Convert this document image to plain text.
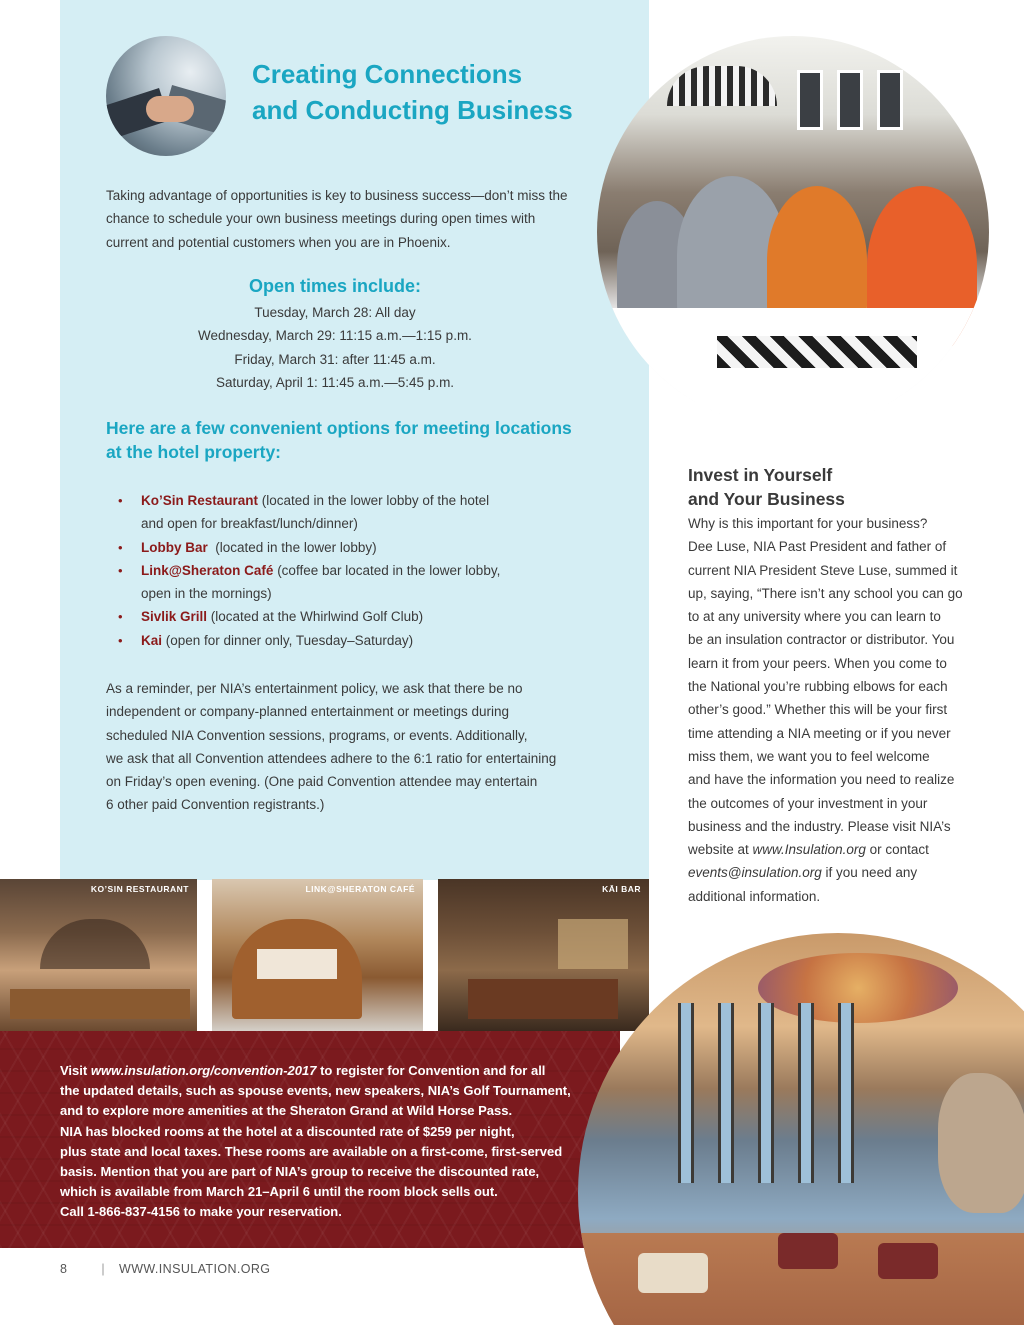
Creating Connections
and Conducting Business

Taking advantage of opportunities is key to business success—don’t miss the
chance to schedule your own business meetings during open times with
current and potential customers when you are in Phoenix.

Open times include:
Tuesday, March 28: All day
Wednesday, March 29: 11:15 a.m.—1:15 p.m.
Friday, March 31: after 11:45 a.m.
Saturday, April 1: 11:45 a.m.—5:45 p.m.
Here are a few convenient options for meeting locations
at the hotel property:
• Ko’Sin Restaurant (located in the lower lobby of the hotel
and open for breakfast/lunch/dinner)
• Lobby Bar  (located in the lower lobby)
• Link@Sheraton Café (coffee bar located in the lower lobby,
open in the mornings)
• Sivlik Grill (located at the Whirlwind Golf Club)
• Kai (open for dinner only, Tuesday–Saturday)

As a reminder, per NIA’s entertainment policy, we ask that there be no
independent or company-planned entertainment or meetings during
scheduled NIA Convention sessions, programs, or events. Additionally,
we ask that all Convention attendees adhere to the 6:1 ratio for entertaining
on Friday’s open evening. (One paid Convention attendee may entertain
6 other paid Convention registrants.)

Invest in Yourself
and Your Business

Why is this important for your business?
Dee Luse, NIA Past President and father of
current NIA President Steve Luse, summed it
up, saying, “There isn’t any school you can go
to at any university where you can learn to
be an insulation contractor or distributor. You
learn it from your peers. When you come to
the National you’re rubbing elbows for each
other’s good.” Whether this will be your first
time attending a NIA meeting or if you never
miss them, we want you to feel welcome
and have the information you need to realize
the outcomes of your investment in your
business and the industry. Please visit NIA’s
website at www.Insulation.org or contact
events@insulation.org if you need any
additional information.

KO’SIN RESTAURANT	LINK@SHERATON CAFÉ	KĀI BAR

Visit www.insulation.org/convention-2017 to register for Convention and for all
the updated details, such as spouse events, new speakers, NIA’s Golf Tournament,
and to explore more amenities at the Sheraton Grand at Wild Horse Pass.
NIA has blocked rooms at the hotel at a discounted rate of $259 per night,
plus state and local taxes. These rooms are available on a first-come, first-served
basis. Mention that you are part of NIA’s group to receive the discounted rate,
which is available from March 21–April 6 until the room block sells out.
Call 1-866-837-4156 to make your reservation.

8	| WWW.INSULATION.ORG
